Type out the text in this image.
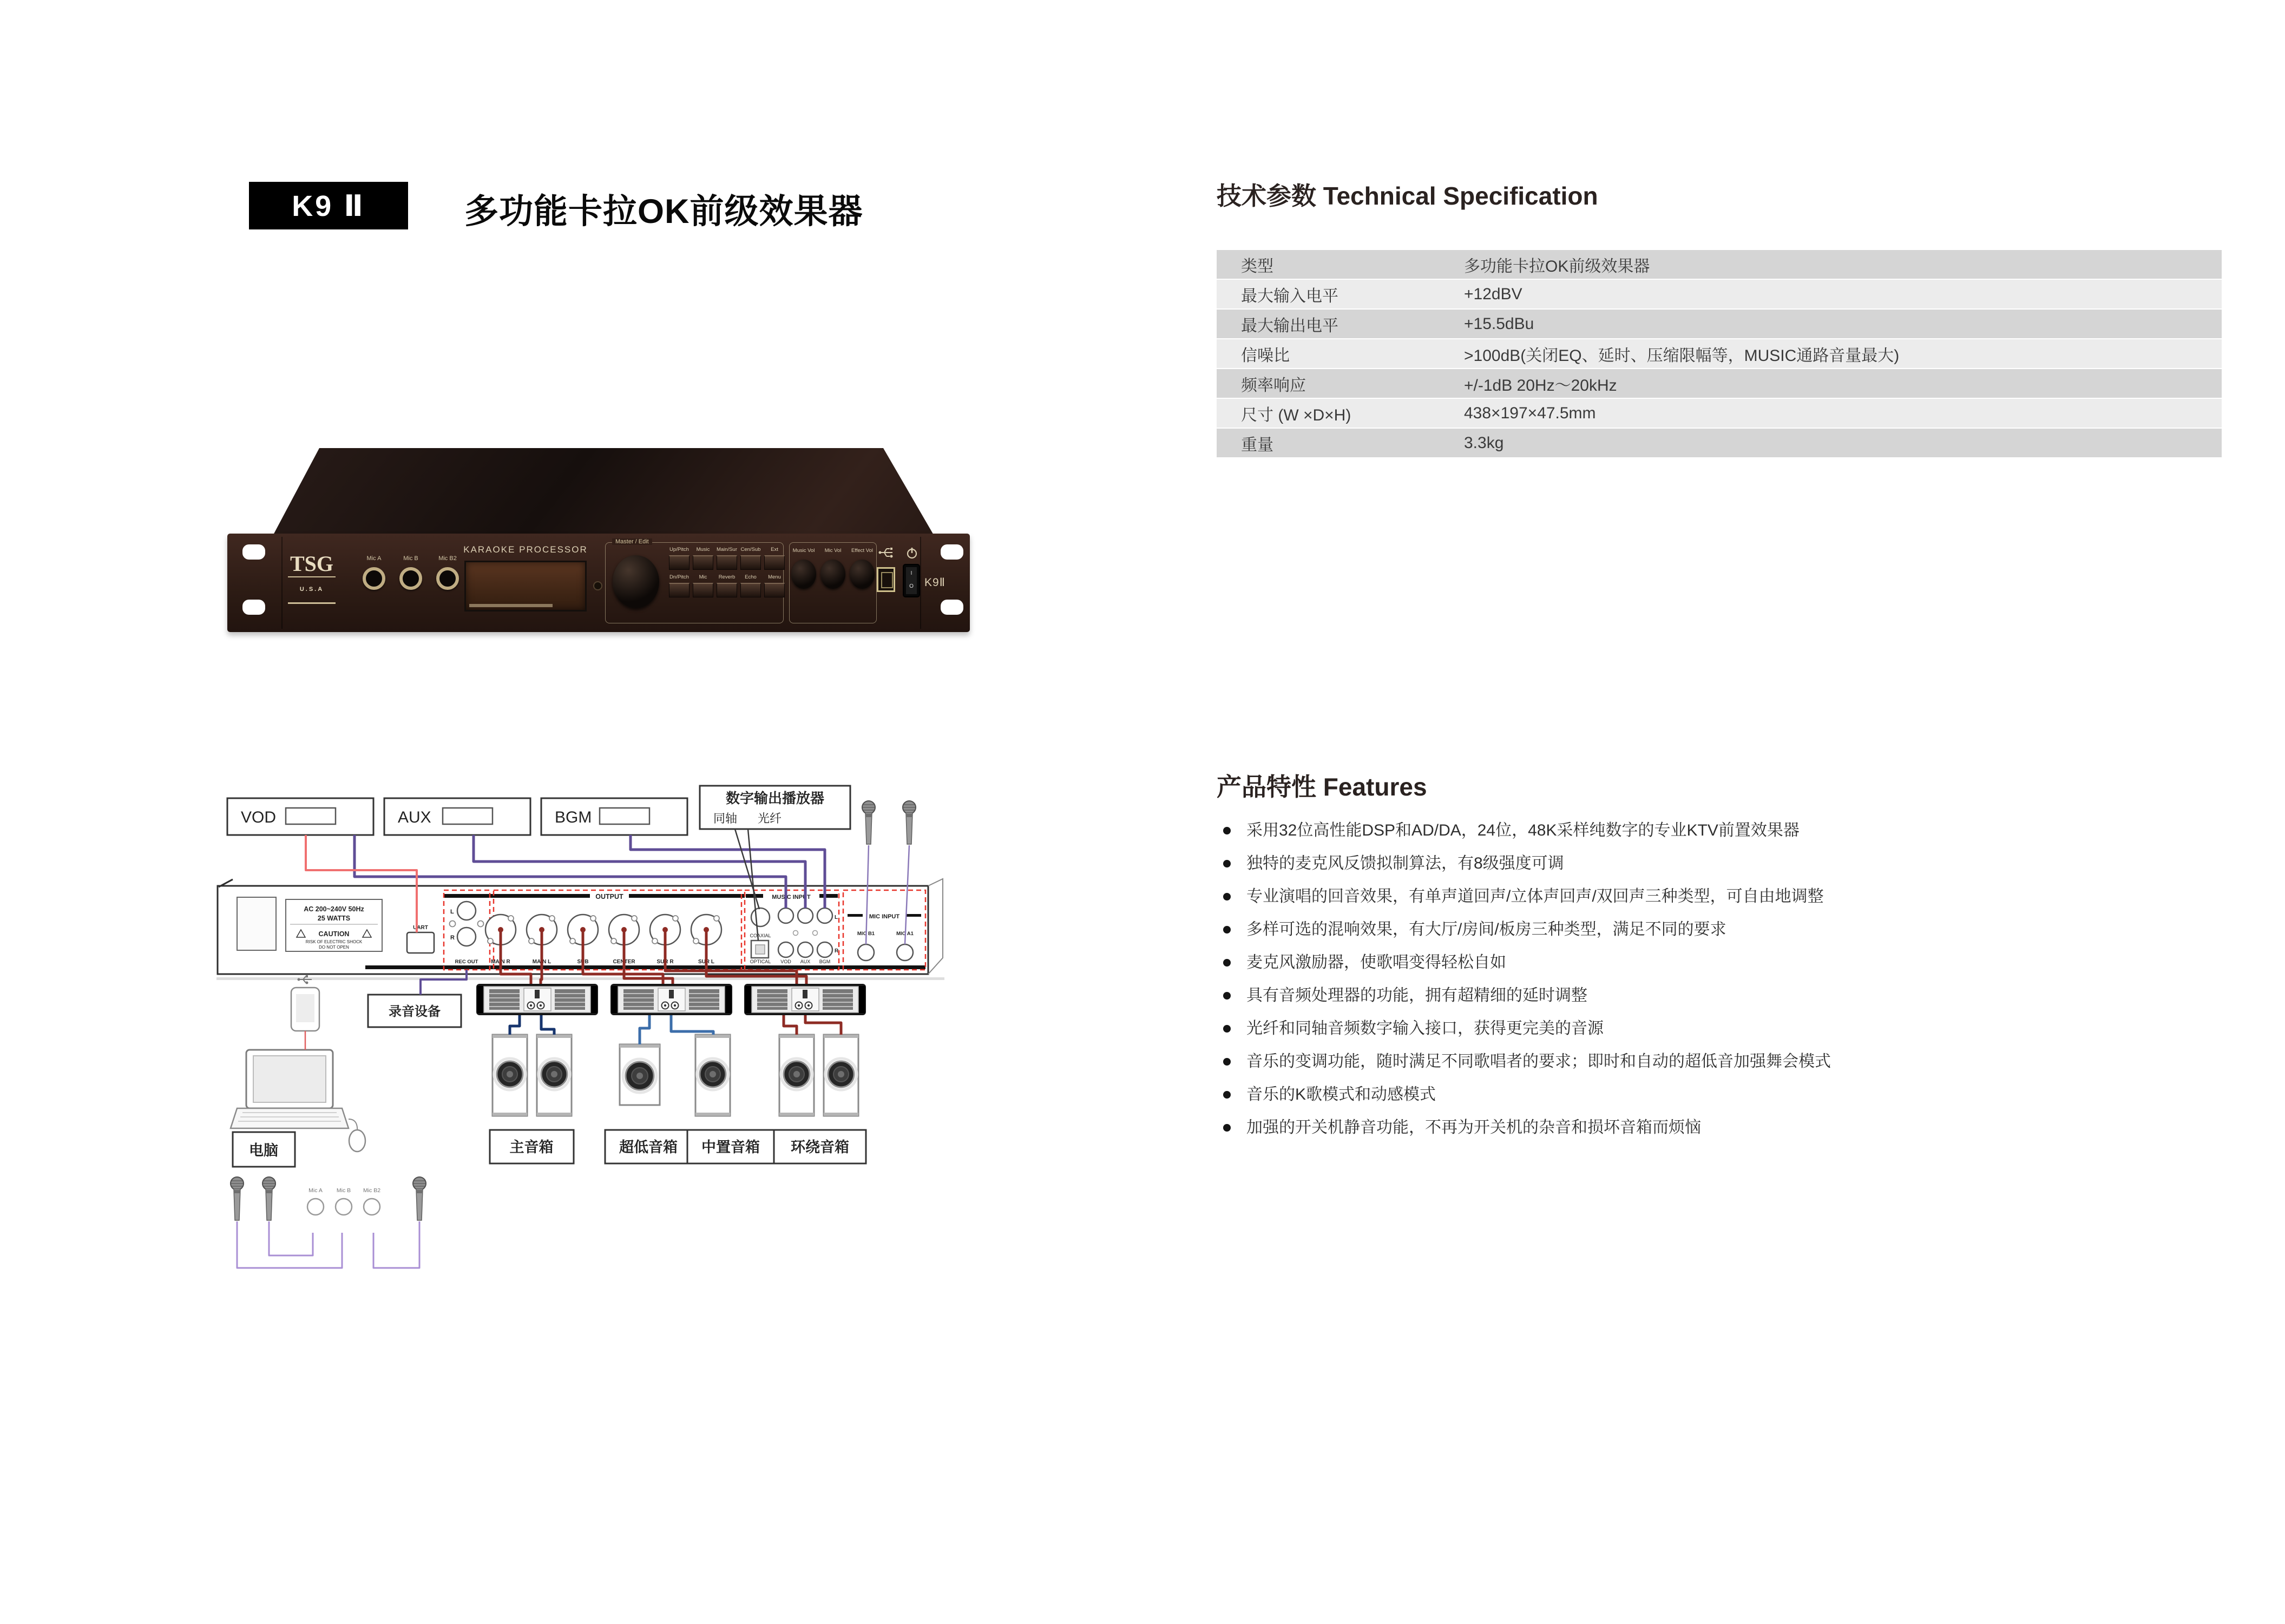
K9 Ⅱ	多功能卡拉OK前级效果器	技术参数 Technical Specification
类型	多功能卡拉OK前级效果器
最大输入电平	+12dBV
最大输出电平	+15.5dBu
信噪比	>100dB(关闭EQ、延时、压缩限幅等，MUSIC通路音量最大)
频率响应	+/-1dB 20Hz～20kHz
尺寸 (W ×D×H)	438×197×47.5mm
重量	3.3kg
产品特性 Features
采用32位高性能DSP和AD/DA，24位，48K采样纯数字的专业KTV前置效果器
独特的麦克风反馈拟制算法，有8级强度可调
专业演唱的回音效果，有单声道回声/立体声回声/双回声三种类型，可自由地调整
多样可选的混响效果，有大厅/房间/板房三种类型，满足不同的要求
麦克风激励器，使歌唱变得轻松自如
具有音频处理器的功能，拥有超精细的延时调整
光纤和同轴音频数字输入接口，获得更完美的音源
音乐的变调功能，随时满足不同歌唱者的要求；即时和自动的超低音加强舞会模式
音乐的K歌模式和动感模式
加强的开关机静音功能，不再为开关机的杂音和损坏音箱而烦恼
TSG
U.S.A
Mic A	Mic B	Mic B2
KARAOKE PROCESSOR
Master / Edit
Up/Pitch
Dn/Pitch
Music
Mic
Main/Sur
Reverb
Cen/Sub
Echo
Ext
Menu
Music Vol	Mic Vol	Effect Vol
I
O K9Ⅱ
VOD	AUX	BGM
数字输出播放器
同轴 光纤
AC 200~240V 50Hz
25 WATTS
CAUTION
RISK OF ELECTRIC SHOCK
DO NOT OPEN
UART
OUTPUT	MUSIC INPUT
L
R
REC OUT MAIN R	MAIN L	SUB	CENTER	SUR R	SUR L
COAXIAL
OPTICAL VOD AUX BGM
L
R
MIC INPUT
MIC B1	MIC A1
录音设备
主音箱	超低音箱 中置音箱 环绕音箱
电脑
Mic A Mic B Mic B2
